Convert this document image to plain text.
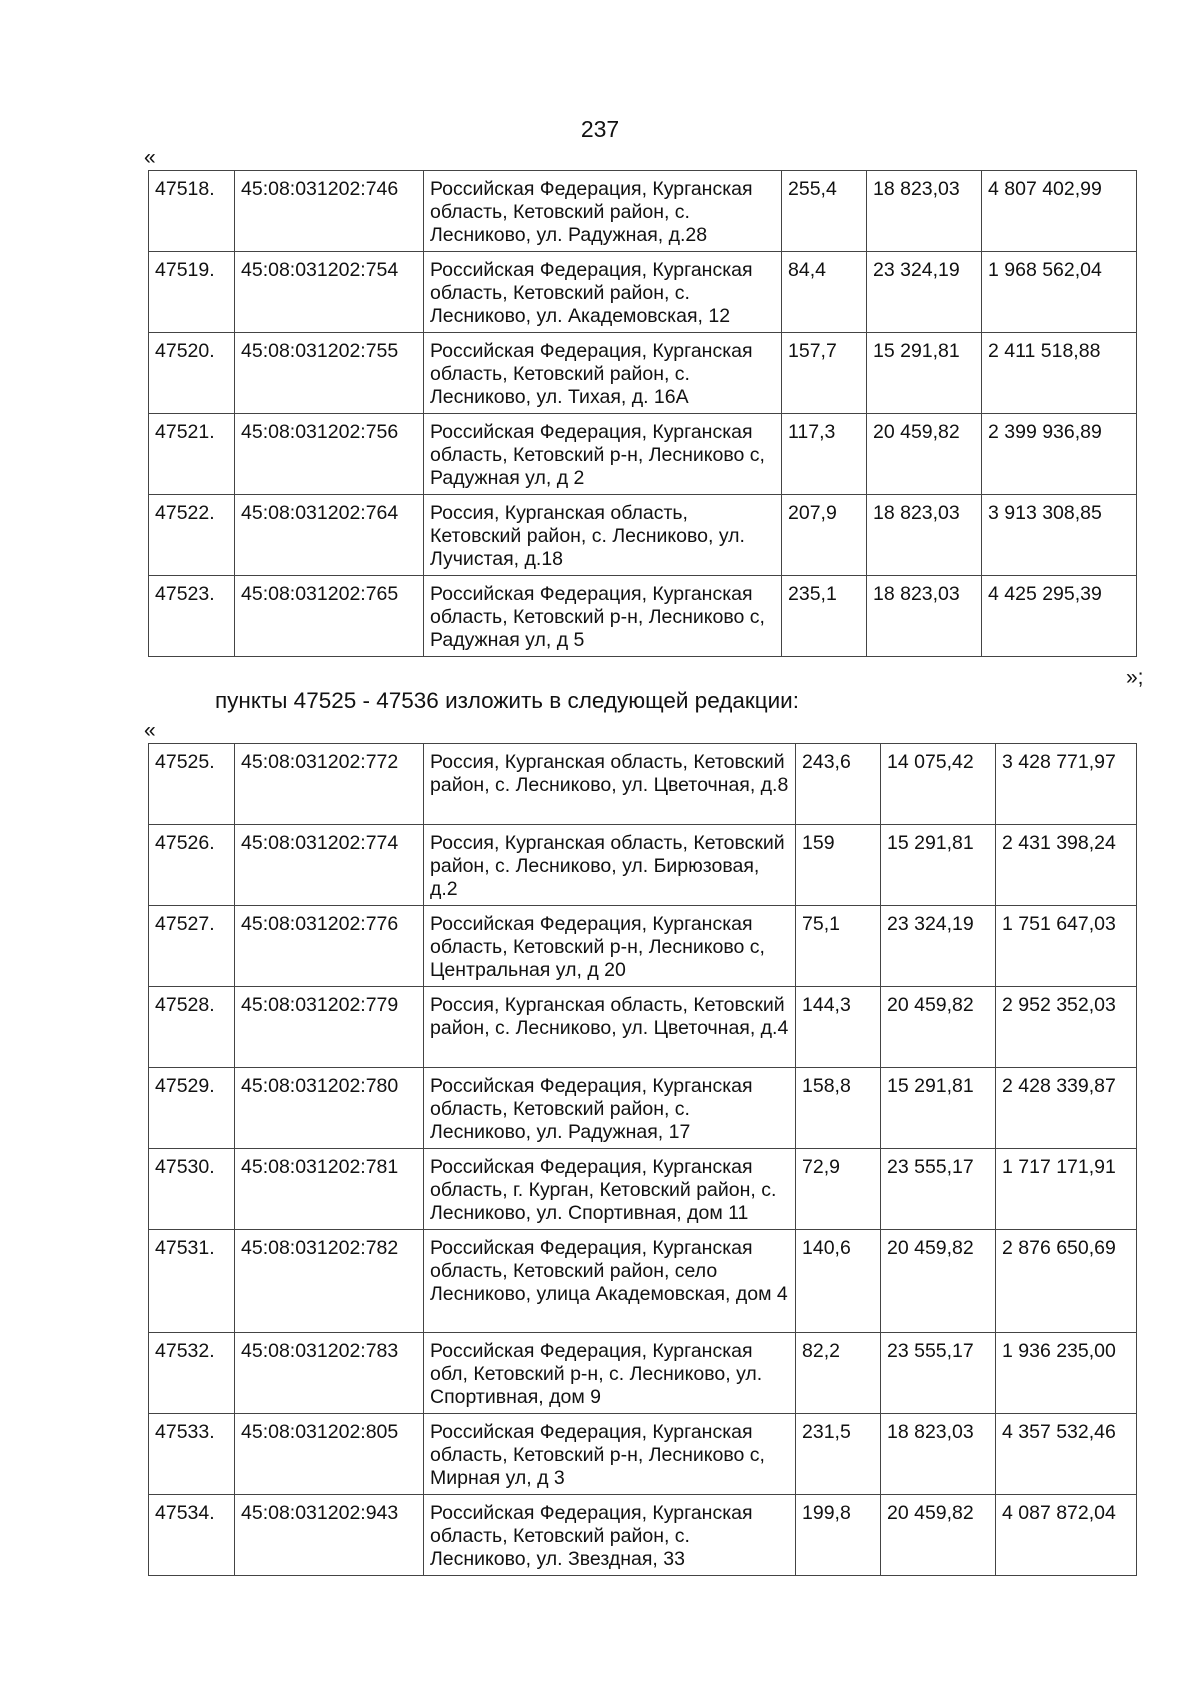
237
«
47518.	45:08:031202:746	Российская Федерация, Курганская область, Кетовский район, с. Лесниково, ул. Радужная, д.28	255,4	18 823,03	4 807 402,99
47519.	45:08:031202:754	Российская Федерация, Курганская область, Кетовский район, с. Лесниково, ул. Академовская, 12	84,4	23 324,19	1 968 562,04
47520.	45:08:031202:755	Российская Федерация, Курганская область, Кетовский район, с. Лесниково, ул. Тихая, д. 16А	157,7	15 291,81	2 411 518,88
47521.	45:08:031202:756	Российская Федерация, Курганская область, Кетовский р-н, Лесниково с, Радужная ул, д 2	117,3	20 459,82	2 399 936,89
47522.	45:08:031202:764	Россия, Курганская область, Кетовский район, с. Лесниково, ул. Лучистая, д.18	207,9	18 823,03	3 913 308,85
47523.	45:08:031202:765	Российская Федерация, Курганская область, Кетовский р-н, Лесниково с, Радужная ул, д 5	235,1	18 823,03	4 425 295,39
»;
пункты 47525 - 47536 изложить в следующей редакции:
«
47525.	45:08:031202:772	Россия, Курганская область, Кетовский район, с. Лесниково, ул. Цветочная, д.8	243,6	14 075,42	3 428 771,97
47526.	45:08:031202:774	Россия, Курганская область, Кетовский район, с. Лесниково, ул. Бирюзовая, д.2	159	15 291,81	2 431 398,24
47527.	45:08:031202:776	Российская Федерация, Курганская область, Кетовский р-н, Лесниково с, Центральная ул, д 20	75,1	23 324,19	1 751 647,03
47528.	45:08:031202:779	Россия, Курганская область, Кетовский район, с. Лесниково, ул. Цветочная, д.4	144,3	20 459,82	2 952 352,03
47529.	45:08:031202:780	Российская Федерация, Курганская область, Кетовский район, с. Лесниково, ул. Радужная, 17	158,8	15 291,81	2 428 339,87
47530.	45:08:031202:781	Российская Федерация, Курганская область, г. Курган, Кетовский район, с. Лесниково, ул. Спортивная, дом 11	72,9	23 555,17	1 717 171,91
47531.	45:08:031202:782	Российская Федерация, Курганская область, Кетовский район, село Лесниково, улица Академовская, дом 4	140,6	20 459,82	2 876 650,69
47532.	45:08:031202:783	Российская Федерация, Курганская обл, Кетовский р-н, с. Лесниково, ул. Спортивная, дом 9	82,2	23 555,17	1 936 235,00
47533.	45:08:031202:805	Российская Федерация, Курганская область, Кетовский р-н, Лесниково с, Мирная ул, д 3	231,5	18 823,03	4 357 532,46
47534.	45:08:031202:943	Российская Федерация, Курганская область, Кетовский район, с. Лесниково, ул. Звездная, 33	199,8	20 459,82	4 087 872,04
